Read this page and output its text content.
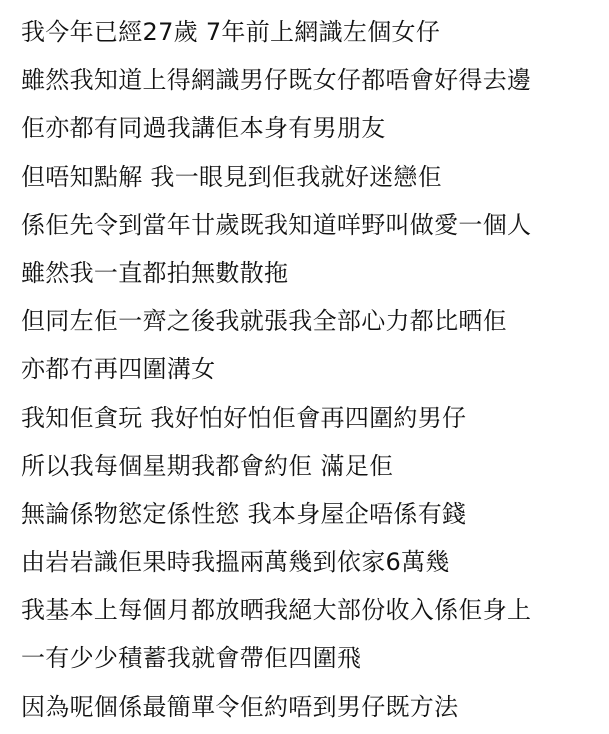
我今年已經27歲 7年前上網識左個女仔
雖然我知道上得網識男仔既女仔都唔會好得去邊
佢亦都有同過我講佢本身有男朋友
但唔知點解 我一眼見到佢我就好迷戀佢
係佢先令到當年廿歲既我知道咩野叫做愛一個人
雖然我一直都拍無數散拖
但同左佢一齊之後我就張我全部心力都比晒佢
亦都冇再四圍溝女
我知佢貪玩 我好怕好怕佢會再四圍約男仔
所以我每個星期我都會約佢 滿足佢
無論係物慾定係性慾 我本身屋企唔係有錢
由岩岩識佢果時我搵兩萬幾到依家6萬幾
我基本上每個月都放晒我絕大部份收入係佢身上
一有少少積蓄我就會帶佢四圍飛
因為呢個係最簡單令佢約唔到男仔既方法
